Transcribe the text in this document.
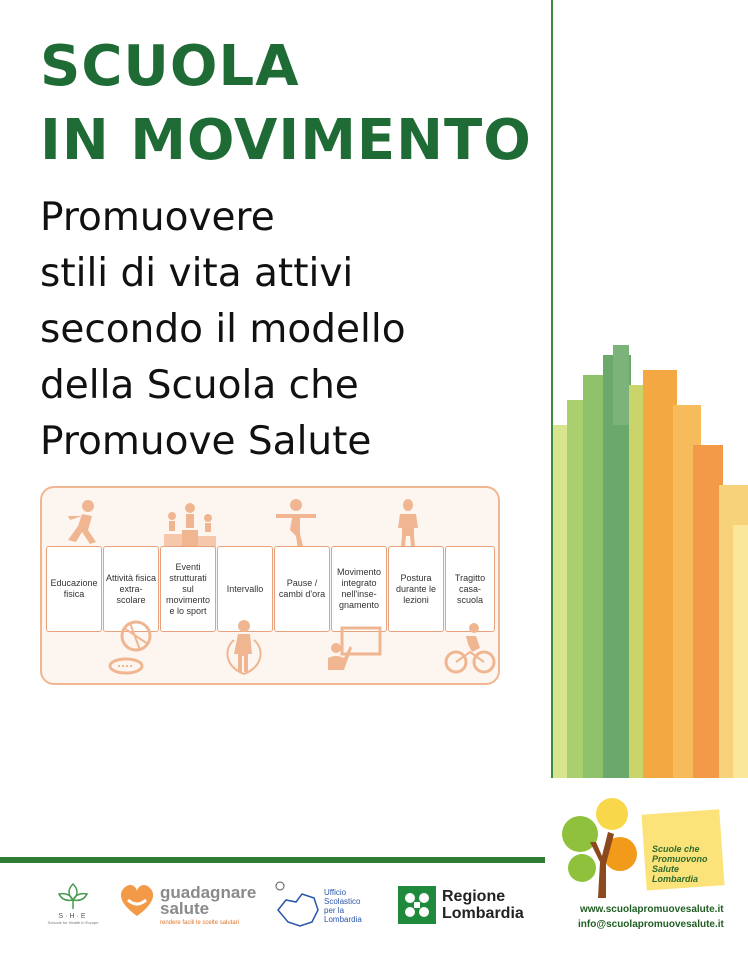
SCUOLA
IN MOVIMENTO
Promuovere
stili di vita attivi
secondo il modello
della Scuola che
Promuove Salute
Educazione fisica
Attività fisica extra-scolare
Eventi strutturati sul movimento e lo sport
Intervallo
Pause / cambi d'ora
Movimento integrato nell'inse-gnamento
Postura durante le lezioni
Tragitto casa-scuola
S·H·E
Schools for Health in Europe
guadagnare
salute
rendere facili le scelte salutari
Ufficio
Scolastico
per la
Lombardia
Regione
Lombardia
Scuole che
Promuovono
Salute
Lombardia
www.scuolapromuovesalute.it
info@scuolapromuovesalute.it
